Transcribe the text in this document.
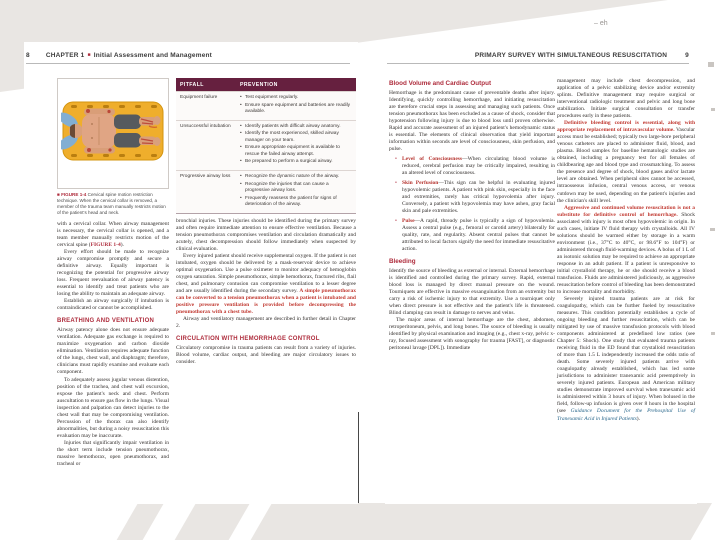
– eh
8 CHAPTER 1 ■ Initial Assessment and Management

■ FIGURE 1-4 Cervical spine motion restriction technique. When the cervical collar is removed, a member of the trauma team manually restricts motion of the patient's head and neck.

with a cervical collar. When airway management is necessary, the cervical collar is opened, and a team member manually restricts motion of the cervical spine (FIGURE 1-4).

Every effort should be made to recognize airway compromise promptly and secure a definitive airway. Equally important is recognizing the potential for progressive airway loss. Frequent reevaluation of airway patency is essential to identify and treat patients who are losing the ability to maintain an adequate airway.

Establish an airway surgically if intubation is contraindicated or cannot be accomplished.

BREATHING AND VENTILATION

Airway patency alone does not ensure adequate ventilation. Adequate gas exchange is required to maximize oxygenation and carbon dioxide elimination. Ventilation requires adequate function of the lungs, chest wall, and diaphragm; therefore, clinicians must rapidly examine and evaluate each component.

To adequately assess jugular venous distention, position of the trachea, and chest wall excursion, expose the patient's neck and chest. Perform auscultation to ensure gas flow in the lungs. Visual inspection and palpation can detect injuries to the chest wall that may be compromising ventilation. Percussion of the thorax can also identify abnormalities, but during a noisy resuscitation this evaluation may be inaccurate.

Injuries that significantly impair ventilation in the short term include tension pneumothorax, massive hemothorax, open pneumothorax, and tracheal or

PITFALL	PREVENTION
Equipment failure	• Test equipment regularly.
• Ensure spare equipment and batteries are readily available.

Unsuccessful intubation	• Identify patients with difficult airway anatomy.
• Identify the most experienced, skilled airway manager on your team.
• Ensure appropriate equipment is available to rescue the failed airway attempt.
• Be prepared to perform a surgical airway.

Progressive airway loss	• Recognize the dynamic nature of the airway.
• Recognize the injuries that can cause a progressive airway loss.
• Frequently reassess the patient for signs of deterioration of the airway.

bronchial injuries. These injuries should be identified during the primary survey and often require immediate attention to ensure effective ventilation. Because a tension pneumothorax compromises ventilation and circulation dramatically and acutely, chest decompression should follow immediately when suspected by clinical evaluation.

Every injured patient should receive supplemental oxygen. If the patient is not intubated, oxygen should be delivered by a mask-reservoir device to achieve optimal oxygenation. Use a pulse oximeter to monitor adequacy of hemoglobin oxygen saturation. Simple pneumothorax, simple hemothorax, fractured ribs, flail chest, and pulmonary contusion can compromise ventilation to a lesser degree and are usually identified during the secondary survey. A simple pneumothorax can be converted to a tension pneumothorax when a patient is intubated and positive pressure ventilation is provided before decompressing the pneumothorax with a chest tube.

Airway and ventilatory management are described in further detail in Chapter 2.

CIRCULATION WITH HEMORRHAGE CONTROL

Circulatory compromise in trauma patients can result from a variety of injuries. Blood volume, cardiac output, and bleeding are major circulatory issues to consider.

PRIMARY SURVEY WITH SIMULTANEOUS RESUSCITATION	9
Blood Volume and Cardiac Output

Hemorrhage is the predominant cause of preventable deaths after injury. Identifying, quickly controlling hemorrhage, and initiating resuscitation are therefore crucial steps in assessing and managing such patients. Once tension pneumothorax has been excluded as a cause of shock, consider that hypotension following injury is due to blood loss until proven otherwise. Rapid and accurate assessment of an injured patient's hemodynamic status is essential. The elements of clinical observation that yield important information within seconds are level of consciousness, skin perfusion, and pulse.

• Level of Consciousness—When circulating blood volume is reduced, cerebral perfusion may be critically impaired, resulting in an altered level of consciousness.
• Skin Perfusion—This sign can be helpful in evaluating injured hypovolemic patients. A patient with pink skin, especially in the face and extremities, rarely has critical hypovolemia after injury. Conversely, a patient with hypovolemia may have ashen, gray facial skin and pale extremities.
• Pulse—A rapid, thready pulse is typically a sign of hypovolemia. Assess a central pulse (e.g., femoral or carotid artery) bilaterally for quality, rate, and regularity. Absent central pulses that cannot be attributed to local factors signify the need for immediate resuscitative action.
Bleeding

Identify the source of bleeding as external or internal. External hemorrhage is identified and controlled during the primary survey. Rapid, external blood loss is managed by direct manual pressure on the wound. Tourniquets are effective in massive exsanguination from an extremity but carry a risk of ischemic injury to that extremity. Use a tourniquet only when direct pressure is not effective and the patient's life is threatened. Blind clamping can result in damage to nerves and veins.

The major areas of internal hemorrhage are the chest, abdomen, retroperitoneum, pelvis, and long bones. The source of bleeding is usually identified by physical examination and imaging (e.g., chest x-ray, pelvic x-ray, focused assessment with sonography for trauma [FAST], or diagnostic peritoneal lavage [DPL]). Immediate

management may include chest decompression, and application of a pelvic stabilizing device and/or extremity splints. Definitive management may require surgical or interventional radiologic treatment and pelvic and long bone stabilization. Initiate surgical consultation or transfer procedures early in these patients.

Definitive bleeding control is essential, along with appropriate replacement of intravascular volume. Vascular access must be established; typically two large-bore peripheral venous catheters are placed to administer fluid, blood, and plasma. Blood samples for baseline hematologic studies are obtained, including a pregnancy test for all females of childbearing age and blood type and crossmatching. To assess the presence and degree of shock, blood gases and/or lactate level are obtained. When peripheral sites cannot be accessed, intraosseous infusion, central venous access, or venous cutdown may be used, depending on the patient's injuries and the clinician's skill level.

Aggressive and continued volume resuscitation is not a substitute for definitive control of hemorrhage. Shock associated with injury is most often hypovolemic in origin. In such cases, initiate IV fluid therapy with crystalloids. All IV solutions should be warmed either by storage in a warm environment (i.e., 37°C to 40°C, or 98.6°F to 104°F) or administered through fluid-warming devices. A bolus of 1 L of an isotonic solution may be required to achieve an appropriate response in an adult patient. If a patient is unresponsive to initial crystalloid therapy, he or she should receive a blood transfusion. Fluids are administered judiciously, as aggressive resuscitation before control of bleeding has been demonstrated to increase mortality and morbidity.

Severely injured trauma patients are at risk for coagulopathy, which can be further fueled by resuscitative measures. This condition potentially establishes a cycle of ongoing bleeding and further resuscitation, which can be mitigated by use of massive transfusion protocols with blood components administered at predefined low ratios (see Chapter 5: Shock). One study that evaluated trauma patients receiving fluid in the ED found that crystalloid resuscitation of more than 1.5 L independently increased the odds ratio of death. Some severely injured patients arrive with coagulopathy already established, which has led some jurisdictions to administer tranexamic acid preemptively in severely injured patients. European and American military studies demonstrate improved survival when tranexamic acid is administered within 3 hours of injury. When bolused in the field, follow-up infusion is given over 8 hours in the hospital (see Guidance Document for the Prehospital Use of Tranexamic Acid in Injured Patients).
